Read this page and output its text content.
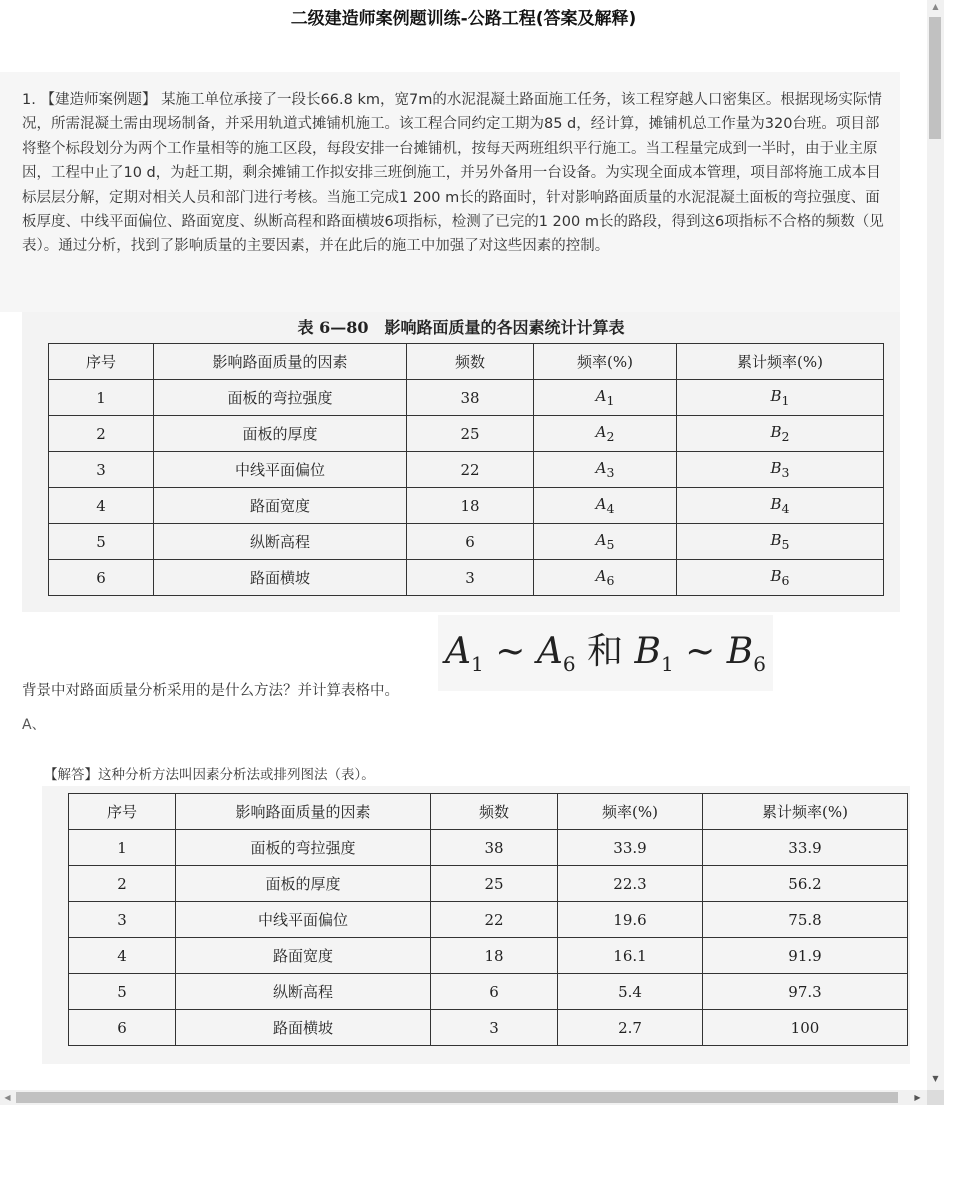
二级建造师案例题训练-公路工程(答案及解释)
1. 【建造师案例题】 某施工单位承接了一段长66.8 km，宽7m的水泥混凝土路面施工任务，该工程穿越人口密集区。根据现场实际情况，所需混凝土需由现场制备，并采用轨道式摊铺机施工。该工程合同约定工期为85 d，经计算，摊铺机总工作量为320台班。项目部将整个标段划分为两个工作量相等的施工区段，每段安排一台摊铺机，按每天两班组织平行施工。当工程量完成到一半时，由于业主原因，工程中止了10 d，为赶工期，剩余摊铺工作拟安排三班倒施工，并另外备用一台设备。为实现全面成本管理，项目部将施工成本目标层层分解，定期对相关人员和部门进行考核。当施工完成1 200 m长的路面时，针对影响路面质量的水泥混凝土面板的弯拉强度、面板厚度、中线平面偏位、路面宽度、纵断高程和路面横坡6项指标，检测了已完的1 200 m长的路段，得到这6项指标不合格的频数（见表）。通过分析，找到了影响质量的主要因素，并在此后的施工中加强了对这些因素的控制。
表 6—80　影响路面质量的各因素统计计算表
序号	影响路面质量的因素	频数	频率(%)	累计频率(%)
1	面板的弯拉强度	38	$A_1$	$B_1$
2	面板的厚度	25	$A_2$	$B_2$
3	中线平面偏位	22	$A_3$	$B_3$
4	路面宽度	18	$A_4$	$B_4$
5	纵断高程	6	$A_5$	$B_5$
6	路面横坡	3	$A_6$	$B_6$
$A_1$ ~ $A_6$ 和 $B_1$ ~ $B_6$
背景中对路面质量分析采用的是什么方法？并计算表格中。
A、
【解答】这种分析方法叫因素分析法或排列图法（表）。
序号	影响路面质量的因素	频数	频率(%)	累计频率(%)
1	面板的弯拉强度	38	33.9	33.9
2	面板的厚度	25	22.3	56.2
3	中线平面偏位	22	19.6	75.8
4	路面宽度	18	16.1	91.9
5	纵断高程	6	5.4	97.3
6	路面横坡	3	2.7	100
▲
▼
◀	▶
